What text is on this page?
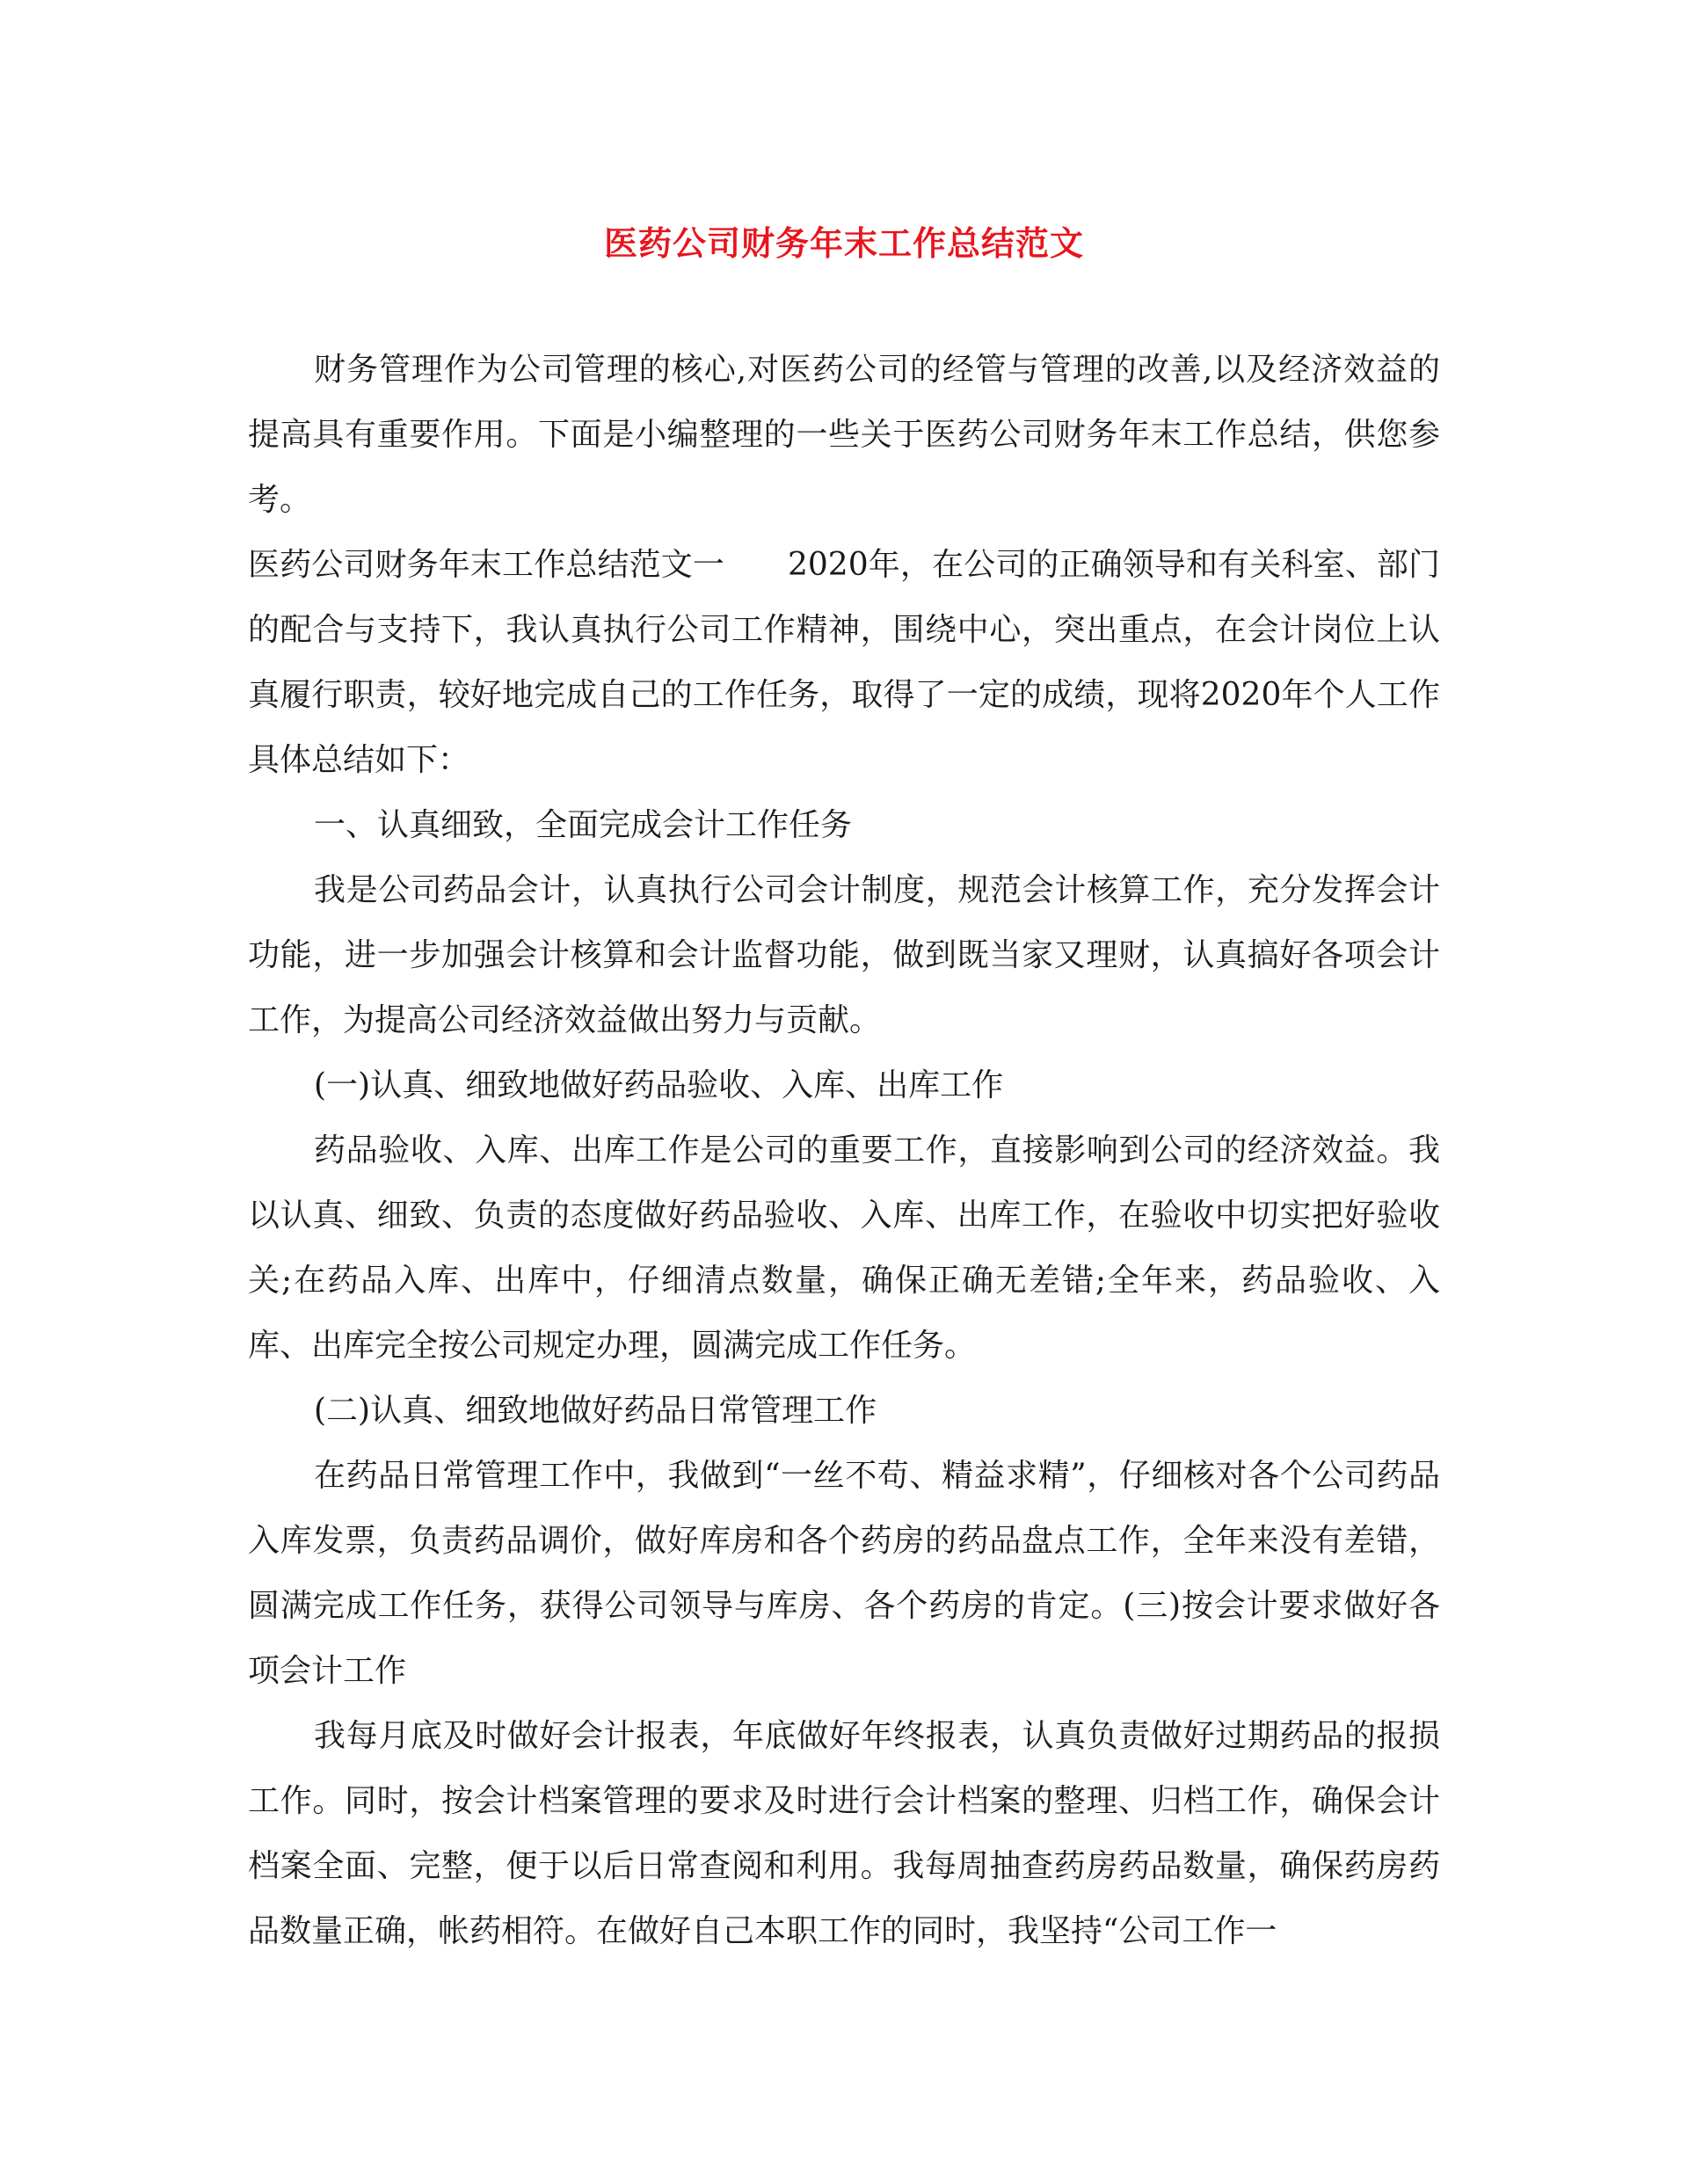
医药公司财务年末工作总结范文

财务管理作为公司管理的核心,对医药公司的经管与管理的改善,以及经济效益的提高具有重要作用。下面是小编整理的一些关于医药公司财务年末工作总结，供您参考。

医药公司财务年末工作总结范文一 2020年，在公司的正确领导和有关科室、部门的配合与支持下，我认真执行公司工作精神，围绕中心，突出重点，在会计岗位上认真履行职责，较好地完成自己的工作任务，取得了一定的成绩，现将2020年个人工作具体总结如下：

一、认真细致，全面完成会计工作任务

我是公司药品会计，认真执行公司会计制度，规范会计核算工作，充分发挥会计功能，进一步加强会计核算和会计监督功能，做到既当家又理财，认真搞好各项会计工作，为提高公司经济效益做出努力与贡献。

(一)认真、细致地做好药品验收、入库、出库工作

药品验收、入库、出库工作是公司的重要工作，直接影响到公司的经济效益。我以认真、细致、负责的态度做好药品验收、入库、出库工作，在验收中切实把好验收关;在药品入库、出库中，仔细清点数量，确保正确无差错;全年来，药品验收、入库、出库完全按公司规定办理，圆满完成工作任务。

(二)认真、细致地做好药品日常管理工作

在药品日常管理工作中，我做到“一丝不苟、精益求精”，仔细核对各个公司药品入库发票，负责药品调价，做好库房和各个药房的药品盘点工作，全年来没有差错，圆满完成工作任务，获得公司领导与库房、各个药房的肯定。(三)按会计要求做好各项会计工作

我每月底及时做好会计报表，年底做好年终报表，认真负责做好过期药品的报损工作。同时，按会计档案管理的要求及时进行会计档案的整理、归档工作，确保会计档案全面、完整，便于以后日常查阅和利用。我每周抽查药房药品数量，确保药房药品数量正确，帐药相符。在做好自己本职工作的同时，我坚持“公司工作一
